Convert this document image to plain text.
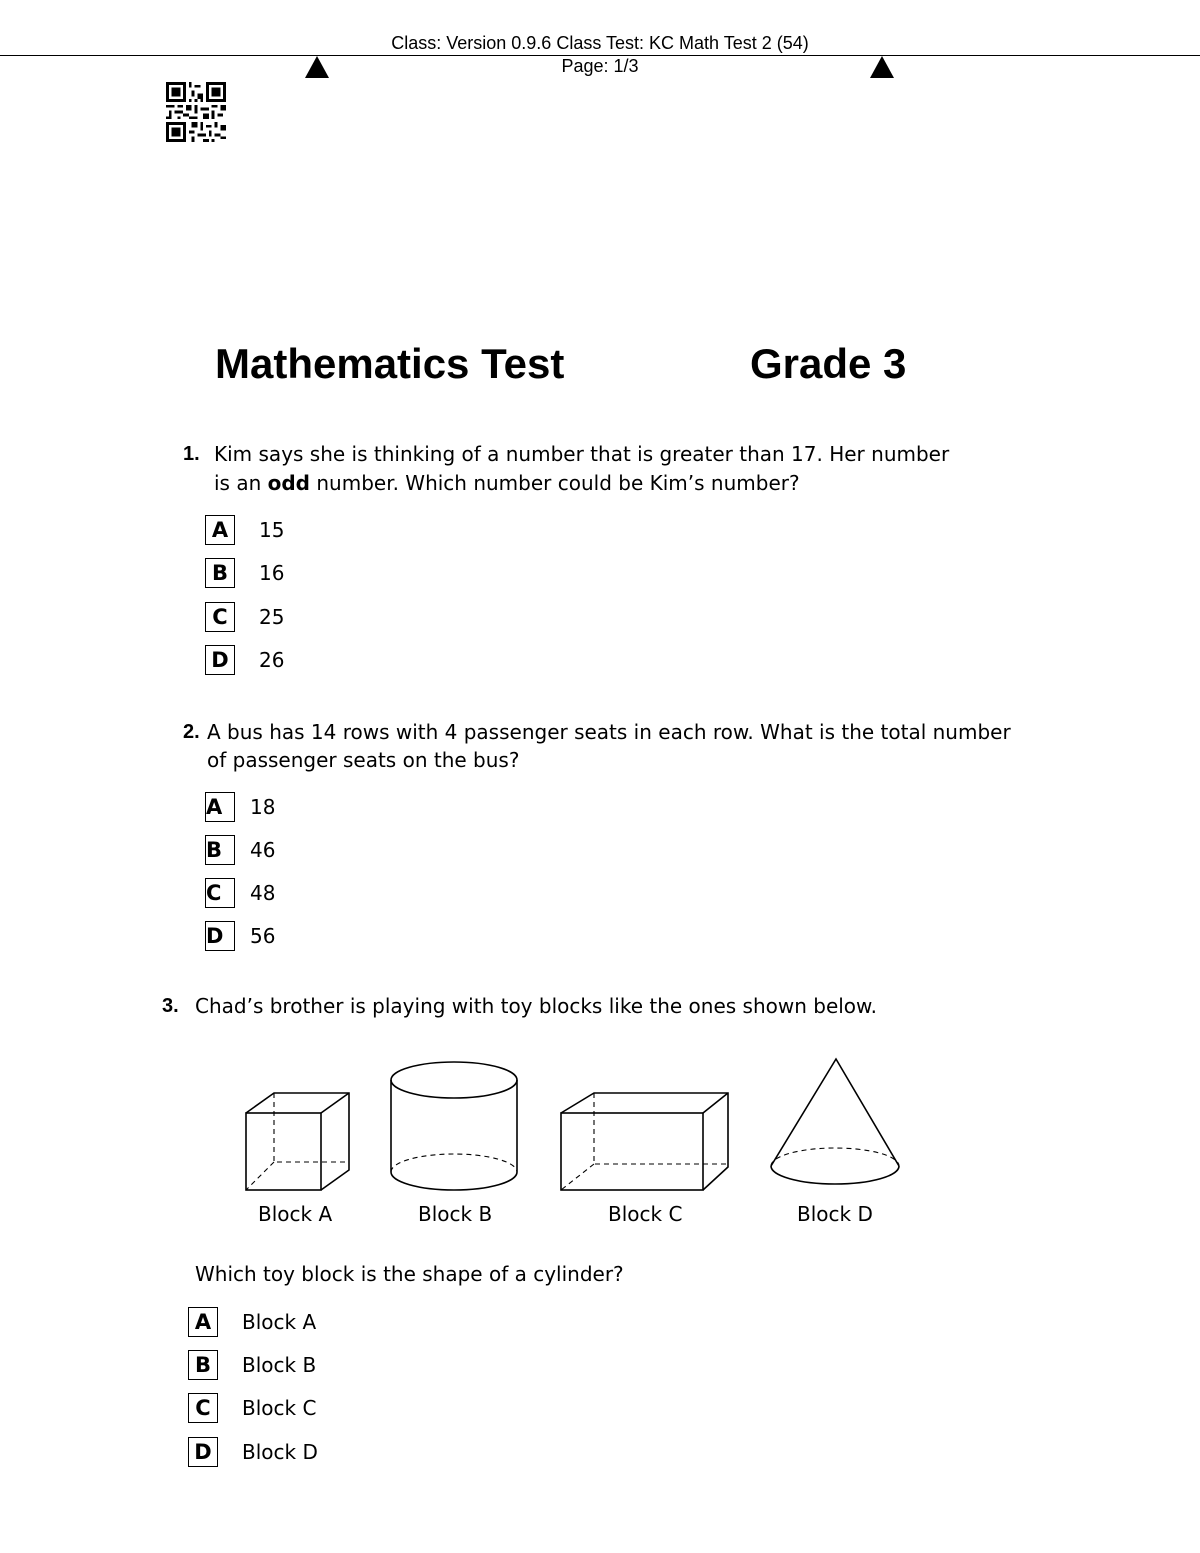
Class: Version 0.9.6 Class Test: KC Math Test 2 (54)
Page: 1/3
Mathematics Test	Grade 3
1. Kim says she is thinking of a number that is greater than 17. Her number
is an odd number. Which number could be Kim’s number?
A	15
B	16
C	25
D	26
2. A bus has 14 rows with 4 passenger seats in each row. What is the total number
of passenger seats on the bus?
A	18
B	46
C	48
D	56
3. Chad’s brother is playing with toy blocks like the ones shown below.
Block A	Block B	Block C	Block D
Which toy block is the shape of a cylinder?
A	Block A
B	Block B
C	Block C
D	Block D
